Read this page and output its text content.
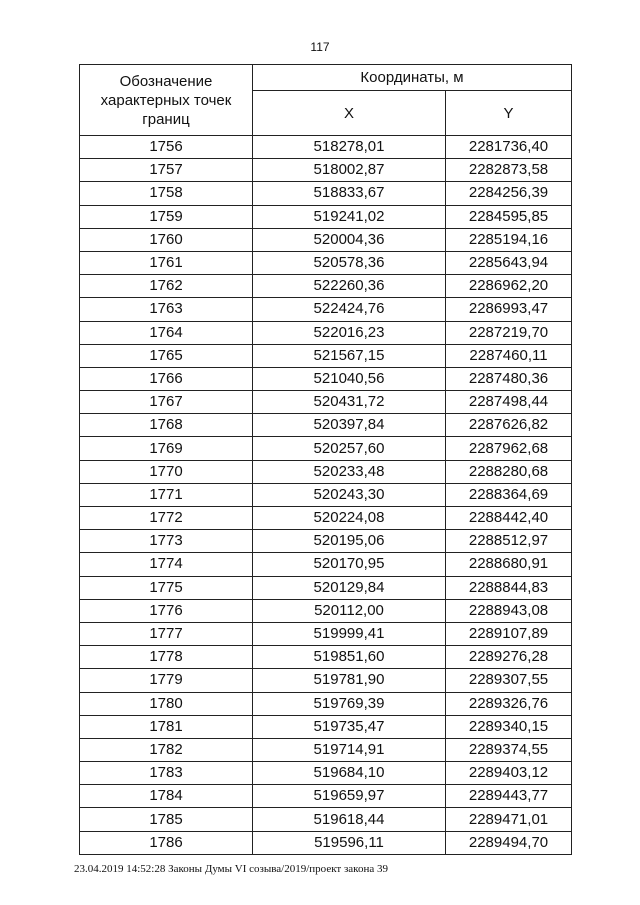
117
Обозначение характерных точек границ	Координаты, м	
	X	Y
1756	518278,01	2281736,40
1757	518002,87	2282873,58
1758	518833,67	2284256,39
1759	519241,02	2284595,85
1760	520004,36	2285194,16
1761	520578,36	2285643,94
1762	522260,36	2286962,20
1763	522424,76	2286993,47
1764	522016,23	2287219,70
1765	521567,15	2287460,11
1766	521040,56	2287480,36
1767	520431,72	2287498,44
1768	520397,84	2287626,82
1769	520257,60	2287962,68
1770	520233,48	2288280,68
1771	520243,30	2288364,69
1772	520224,08	2288442,40
1773	520195,06	2288512,97
1774	520170,95	2288680,91
1775	520129,84	2288844,83
1776	520112,00	2288943,08
1777	519999,41	2289107,89
1778	519851,60	2289276,28
1779	519781,90	2289307,55
1780	519769,39	2289326,76
1781	519735,47	2289340,15
1782	519714,91	2289374,55
1783	519684,10	2289403,12
1784	519659,97	2289443,77
1785	519618,44	2289471,01
1786	519596,11	2289494,70
23.04.2019 14:52:28 Законы Думы VI созыва/2019/проект закона 39
